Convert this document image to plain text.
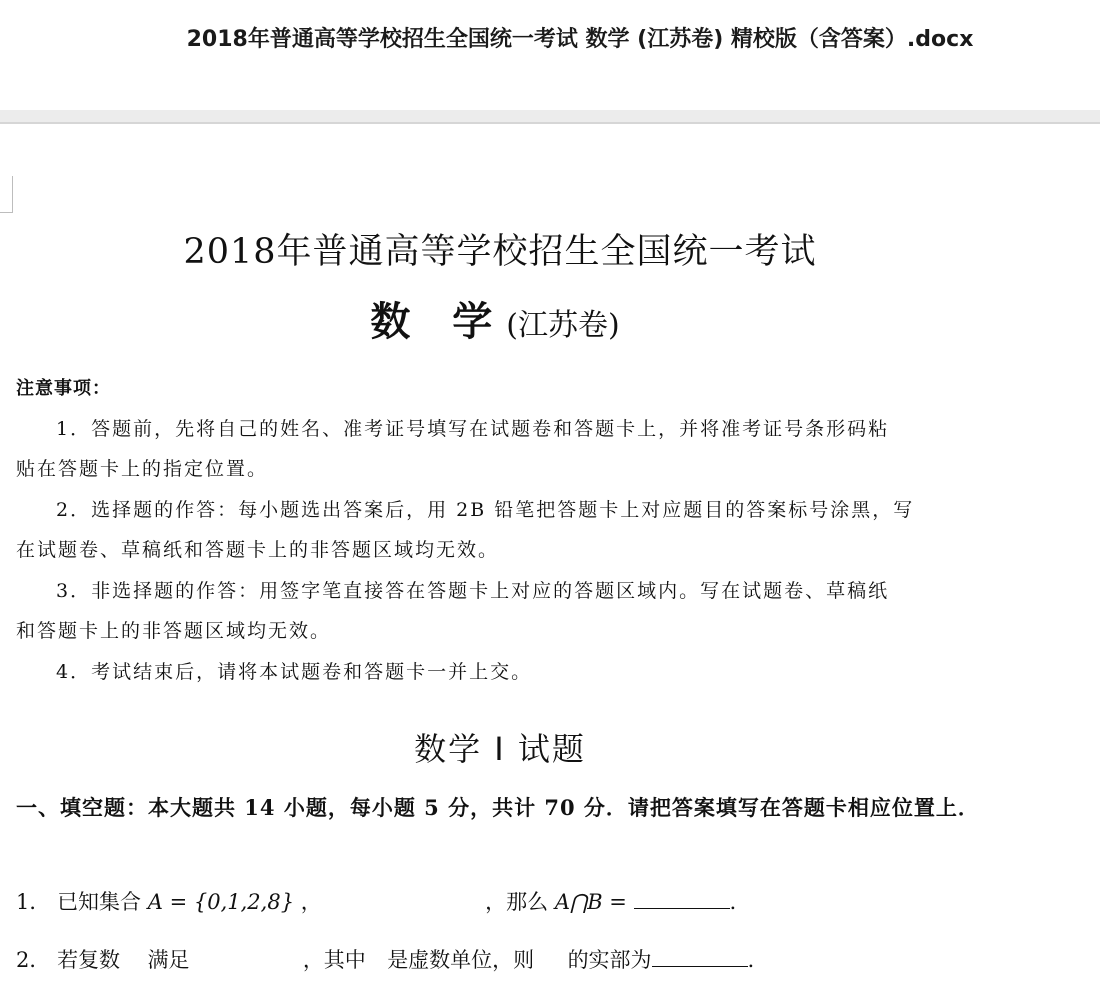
2018年普通高等学校招生全国统一考试 数学 (江苏卷) 精校版（含答案）.docx
2018年普通高等学校招生全国统一考试
数 学(江苏卷)
注意事项：
1．答题前，先将自己的姓名、准考证号填写在试题卷和答题卡上，并将准考证号条形码粘
贴在答题卡上的指定位置。
2．选择题的作答：每小题选出答案后，用 2B 铅笔把答题卡上对应题目的答案标号涂黑，写
在试题卷、草稿纸和答题卡上的非答题区域均无效。
3．非选择题的作答：用签字笔直接答在答题卡上对应的答题区域内。写在试题卷、草稿纸
和答题卡上的非答题区域均无效。
4．考试结束后，请将本试题卷和答题卡一并上交。
数学 Ⅰ 试题
一、填空题：本大题共 14 小题，每小题 5 分，共计 70 分．请把答案填写在答题卡相应位置上．
1． 已知集合 A = {0,1,2,8} ，	，那么 A⋂B =	．
2． 若复数 满足	，其中 是虚数单位，则 的实部为	．
